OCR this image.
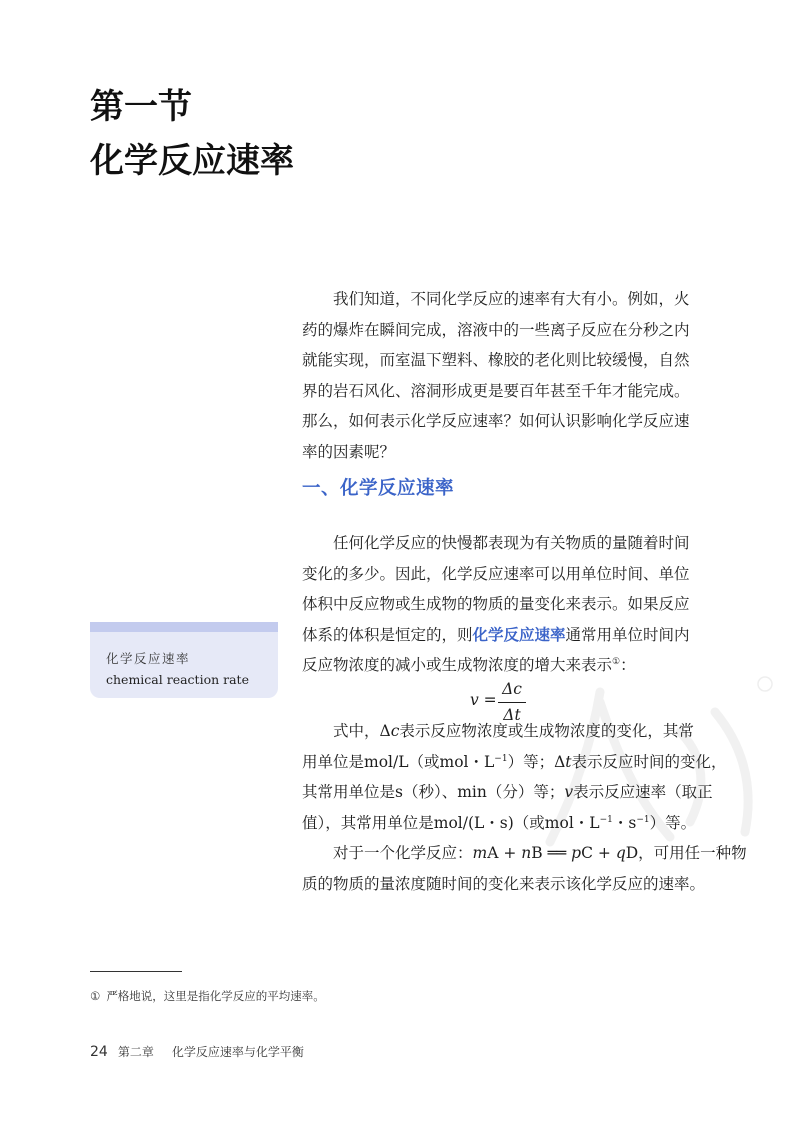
第一节
化学反应速率
我们知道，不同化学反应的速率有大有小。例如，火
药的爆炸在瞬间完成，溶液中的一些离子反应在分秒之内
就能实现，而室温下塑料、橡胶的老化则比较缓慢，自然
界的岩石风化、溶洞形成更是要百年甚至千年才能完成。
那么，如何表示化学反应速率？如何认识影响化学反应速
率的因素呢？
一、化学反应速率
任何化学反应的快慢都表现为有关物质的量随着时间
变化的多少。因此，化学反应速率可以用单位时间、单位
体积中反应物或生成物的物质的量变化来表示。如果反应
体系的体积是恒定的，则化学反应速率通常用单位时间内
反应物浓度的减小或生成物浓度的增大来表示①：
化学反应速率
chemical reaction rate
v =
Δc
Δt
式中，Δc表示反应物浓度或生成物浓度的变化，其常
用单位是mol/L（或mol・$L^{-1}$）等；Δt表示反应时间的变化，
其常用单位是s（秒）、min（分）等；v表示反应速率（取正
值），其常用单位是mol/(L・s)（或mol・$L^{-1}$・$s^{-1}$）等。
对于一个化学反应：mA + nB ══ pC + qD，可用任一种物
质的物质的量浓度随时间的变化来表示该化学反应的速率。
① 严格地说，这里是指化学反应的平均速率。
24 第二章 化学反应速率与化学平衡
